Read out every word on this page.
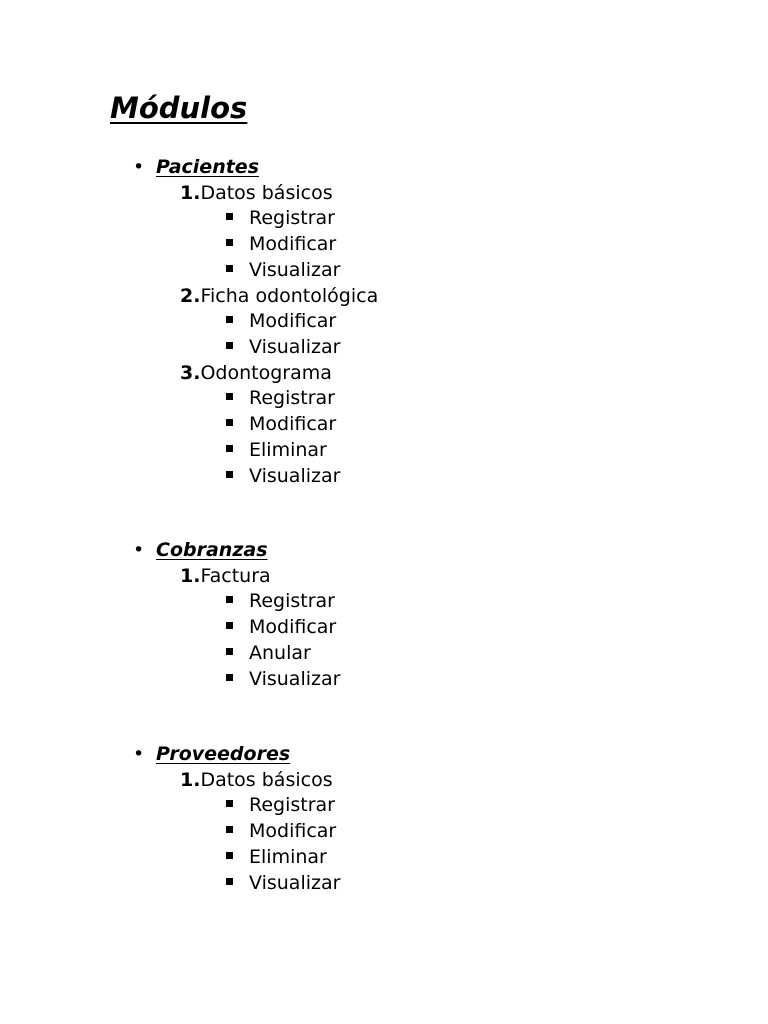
Módulos
• Pacientes
1.Datos básicos
Registrar
Modificar
Visualizar
2.Ficha odontológica
Modificar
Visualizar
3.Odontograma
Registrar
Modificar
Eliminar
Visualizar
• Cobranzas
1.Factura
Registrar
Modificar
Anular
Visualizar
• Proveedores
1.Datos básicos
Registrar
Modificar
Eliminar
Visualizar
